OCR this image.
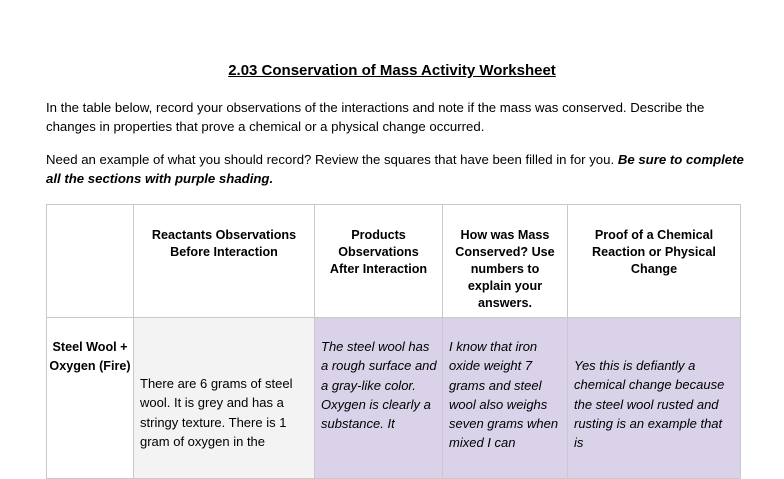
2.03 Conservation of Mass Activity Worksheet
In the table below, record your observations of the interactions and note if the mass was conserved. Describe the changes in properties that prove a chemical or a physical change occurred.
Need an example of what you should record? Review the squares that have been filled in for you. Be sure to complete all the sections with purple shading.

	Reactants Observations Before Interaction	Products Observations After Interaction	How was Mass Conserved? Use numbers to explain your answers.	Proof of a Chemical Reaction or Physical Change

Steel Wool + Oxygen (Fire)	There are 6 grams of steel wool. It is grey and has a stringy texture. There is 1 gram of oxygen in the	The steel wool has a rough surface and a gray-like color. Oxygen is clearly a substance. It	I know that iron oxide weight 7 grams and steel wool also weighs seven grams when mixed I can	Yes this is defiantly a chemical change because the steel wool rusted and rusting is an example that is
